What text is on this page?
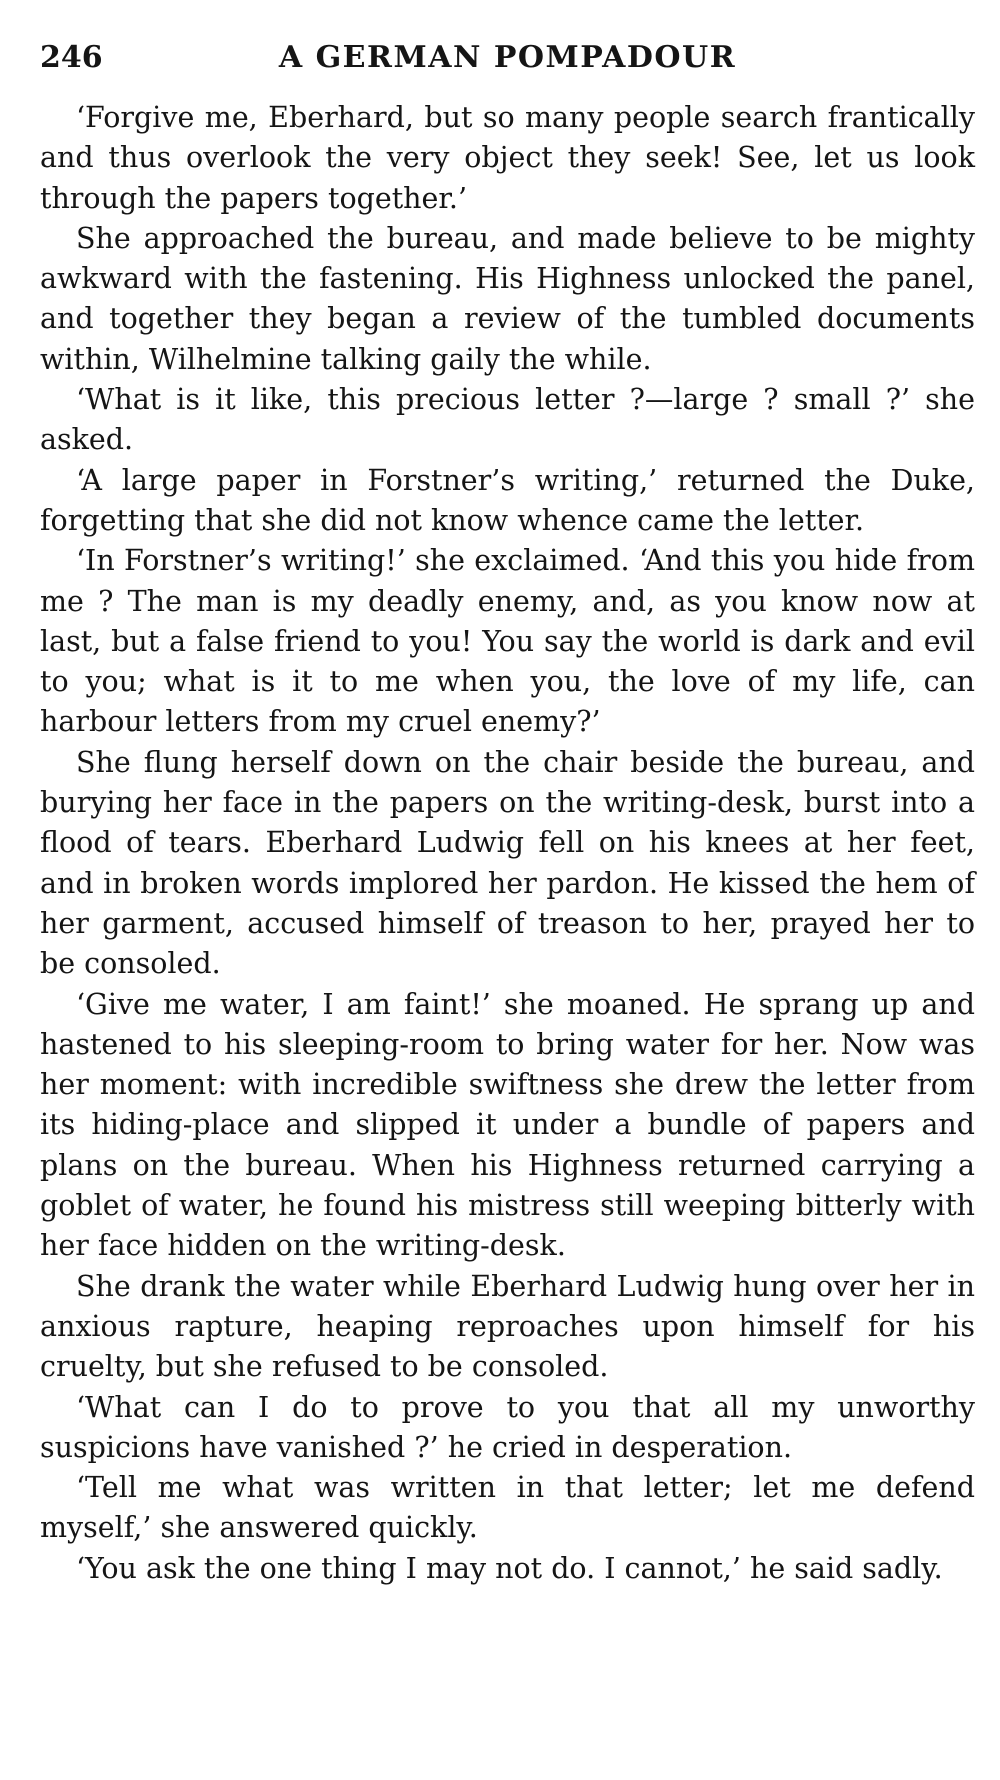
246	A GERMAN POMPADOUR

‘Forgive me, Eberhard, but so many people search frantically and thus overlook the very object they seek! See, let us look through the papers together.’

She approached the bureau, and made believe to be mighty awkward with the fastening. His Highness unlocked the panel, and together they began a review of the tumbled documents within, Wilhelmine talking gaily the while.

‘What is it like, this precious letter ?—large ? small ?’ she asked.

‘A large paper in Forstner’s writing,’ returned the Duke, forgetting that she did not know whence came the letter.

‘In Forstner’s writing!’ she exclaimed. ‘And this you hide from me ? The man is my deadly enemy, and, as you know now at last, but a false friend to you! You say the world is dark and evil to you; what is it to me when you, the love of my life, can harbour letters from my cruel enemy?’

She flung herself down on the chair beside the bureau, and burying her face in the papers on the writing-desk, burst into a flood of tears. Eberhard Ludwig fell on his knees at her feet, and in broken words implored her pardon. He kissed the hem of her garment, accused himself of treason to her, prayed her to be consoled.

‘Give me water, I am faint!’ she moaned. He sprang up and hastened to his sleeping-room to bring water for her. Now was her moment: with incredible swiftness she drew the letter from its hiding-place and slipped it under a bundle of papers and plans on the bureau. When his Highness returned carrying a goblet of water, he found his mistress still weeping bitterly with her face hidden on the writing-desk.

She drank the water while Eberhard Ludwig hung over her in anxious rapture, heaping reproaches upon himself for his cruelty, but she refused to be consoled.

‘What can I do to prove to you that all my unworthy suspicions have vanished ?’ he cried in desperation.

‘Tell me what was written in that letter; let me defend myself,’ she answered quickly.

‘You ask the one thing I may not do. I cannot,’ he said sadly.
